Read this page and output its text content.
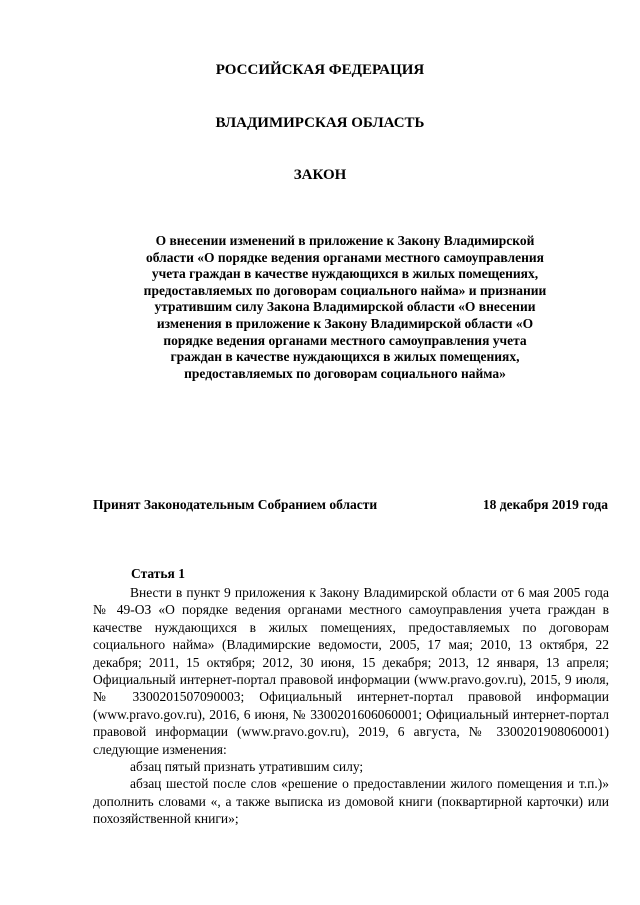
РОССИЙСКАЯ ФЕДЕРАЦИЯ
ВЛАДИМИРСКАЯ ОБЛАСТЬ
ЗАКОН
О внесении изменений в приложение к Закону Владимирской области «О порядке ведения органами местного самоуправления учета граждан в качестве нуждающихся в жилых помещениях, предоставляемых по договорам социального найма» и признании утратившим силу Закона Владимирской области «О внесении изменения в приложение к Закону Владимирской области «О порядке ведения органами местного самоуправления учета граждан в качестве нуждающихся в жилых помещениях, предоставляемых по договорам социального найма»
Принят Законодательным Собранием области	18 декабря 2019 года
Статья 1

Внести в пункт 9 приложения к Закону Владимирской области от 6 мая 2005 года № 49-ОЗ «О порядке ведения органами местного самоуправления учета граждан в качестве нуждающихся в жилых помещениях, предоставляемых по договорам социального найма» (Владимирские ведомости, 2005, 17 мая; 2010, 13 октября, 22 декабря; 2011, 15 октября; 2012, 30 июня, 15 декабря; 2013, 12 января, 13 апреля; Официальный интернет-портал правовой информации (www.pravo.gov.ru), 2015, 9 июля, № 3300201507090003; Официальный интернет-портал правовой информации (www.pravo.gov.ru), 2016, 6 июня, № 3300201606060001; Официальный интернет-портал правовой информации (www.pravo.gov.ru), 2019, 6 августа, № 3300201908060001) следующие изменения:

абзац пятый признать утратившим силу;

абзац шестой после слов «решение о предоставлении жилого помещения и т.п.)» дополнить словами «, а также выписка из домовой книги (поквартирной карточки) или похозяйственной книги»;
